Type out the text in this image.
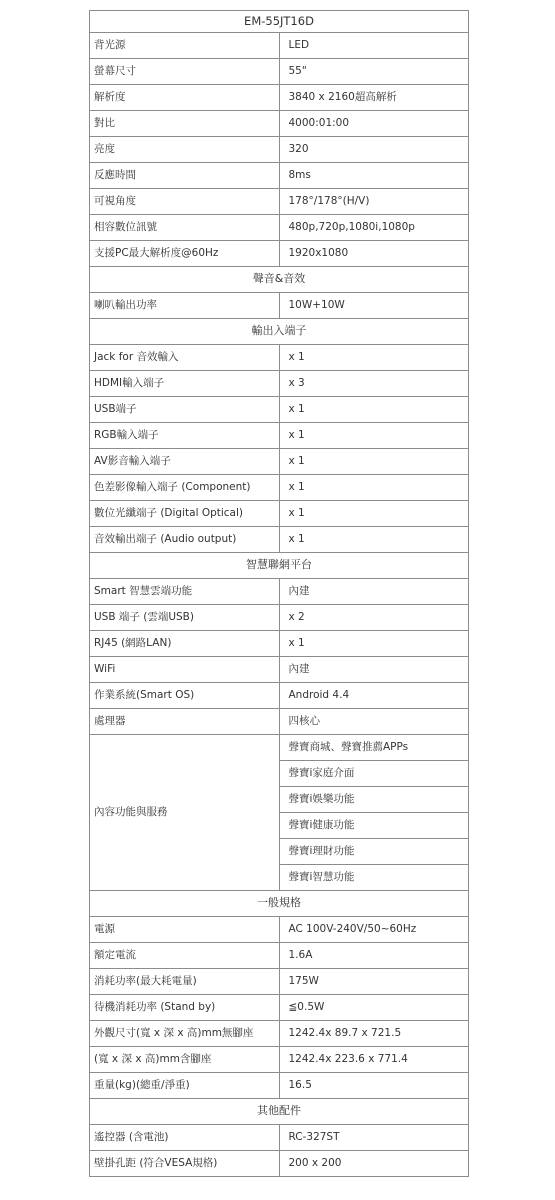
EM-55JT16D	
背光源	LED
螢幕尺寸	55"
解析度	3840 x 2160超高解析
對比	4000:01:00
亮度	320
反應時間	8ms
可視角度	178°/178°(H/V)
相容數位訊號	480p,720p,1080i,1080p
支援PC最大解析度@60Hz	1920x1080
聲音&音效	
喇叭輸出功率	10W+10W
輸出入端子	
Jack for 音效輸入	x 1
HDMI輸入端子	x 3
USB端子	x 1
RGB輸入端子	x 1
AV影音輸入端子	x 1
色差影像輸入端子 (Component)	x 1
數位光纖端子 (Digital Optical)	x 1
音效輸出端子 (Audio output)	x 1
智慧聯網平台	
Smart 智慧雲端功能	內建
USB 端子 (雲端USB)	x 2
RJ45 (網路LAN)	x 1
WiFi	內建
作業系統(Smart OS)	Android 4.4
處理器	四核心
內容功能與服務	聲寶商城、聲寶推薦APPs
	聲寶i家庭介面
	聲寶i娛樂功能
	聲寶i健康功能
	聲寶i理財功能
	聲寶i智慧功能
一般規格	
電源	AC 100V-240V/50~60Hz
額定電流	1.6A
消耗功率(最大耗電量)	175W
待機消耗功率 (Stand by)	≦0.5W
外觀尺寸(寬 x 深 x 高)mm無腳座	1242.4x 89.7 x 721.5
(寬 x 深 x 高)mm含腳座	1242.4x 223.6 x 771.4
重量(kg)(總重/淨重)	16.5
其他配件	
遙控器 (含電池)	RC-327ST
壁掛孔距 (符合VESA規格)	200 x 200
